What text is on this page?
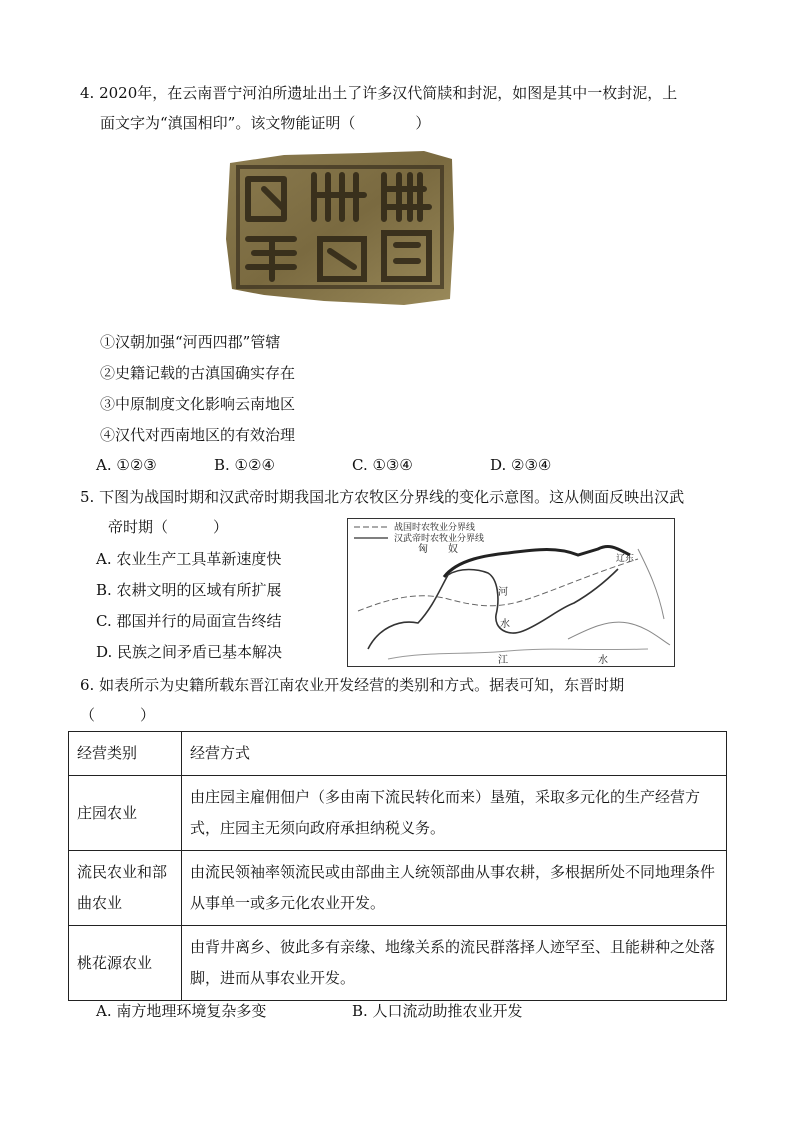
4. 2020年，在云南晋宁河泊所遗址出土了许多汉代简牍和封泥，如图是其中一枚封泥，上
面文字为“滇国相印”。该文物能证明（　　　　）
①汉朝加强“河西四郡”管辖
②史籍记载的古滇国确实存在
③中原制度文化影响云南地区
④汉代对西南地区的有效治理
A. ①②③	B. ①②④	C. ①③④	D. ②③④
5. 下图为战国时期和汉武帝时期我国北方农牧区分界线的变化示意图。这从侧面反映出汉武
帝时期（　　　）
A. 农业生产工具革新速度快
B. 农耕文明的区域有所扩展
C. 郡国并行的局面宣告终结
D. 民族之间矛盾已基本解决
战国时农牧业分界线
汉武帝时农牧业分界线
匈　　奴
辽东
河
水
江	水
6. 如表所示为史籍所载东晋江南农业开发经营的类别和方式。据表可知，东晋时期
（　　　）
经营类别	经营方式
庄园农业	由庄园主雇佣佃户（多由南下流民转化而来）垦殖，采取多元化的生产经营方式，庄园主无须向政府承担纳税义务。
流民农业和部曲农业	由流民领袖率领流民或由部曲主人统领部曲从事农耕，多根据所处不同地理条件从事单一或多元化农业开发。
桃花源农业	由背井离乡、彼此多有亲缘、地缘关系的流民群落择人迹罕至、且能耕种之处落脚，进而从事农业开发。
A. 南方地理环境复杂多变	B. 人口流动助推农业开发
